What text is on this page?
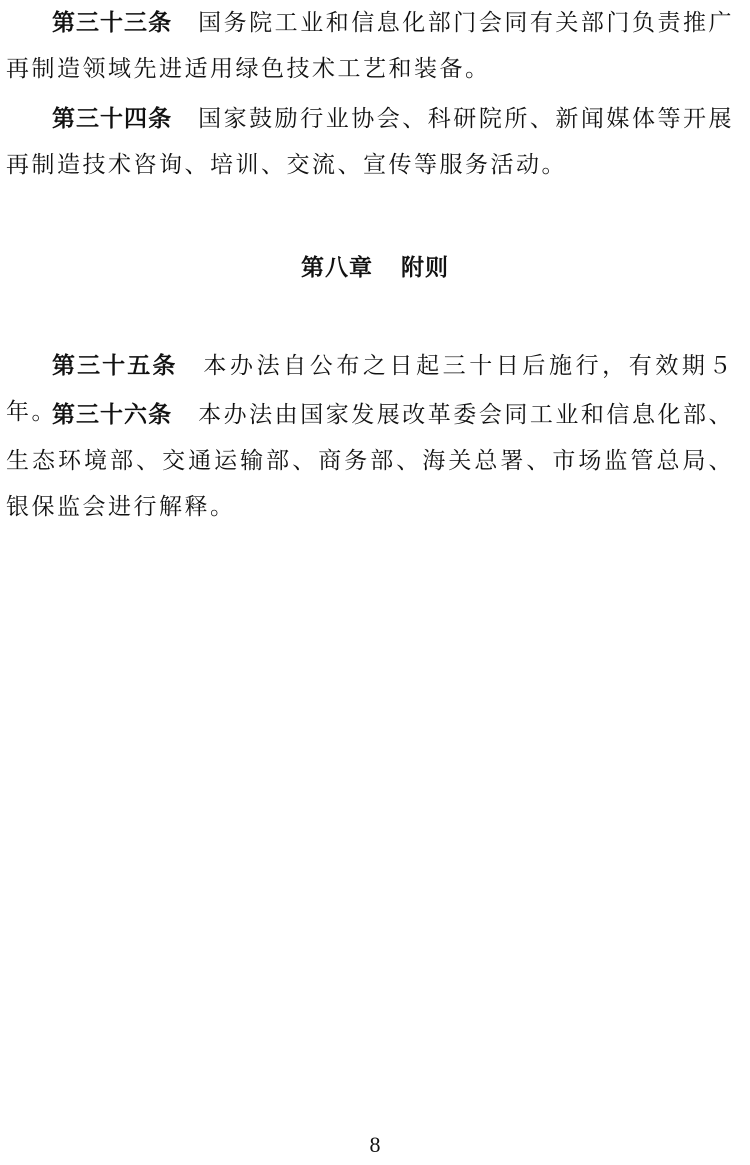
第三十三条 国务院工业和信息化部门会同有关部门负责推广再制造领域先进适用绿色技术工艺和装备。

第三十四条 国家鼓励行业协会、科研院所、新闻媒体等开展再制造技术咨询、培训、交流、宣传等服务活动。

第八章 附则

第三十五条 本办法自公布之日起三十日后施行，有效期５年。

第三十六条 本办法由国家发展改革委会同工业和信息化部、生态环境部、交通运输部、商务部、海关总署、市场监管总局、银保监会进行解释。

8
